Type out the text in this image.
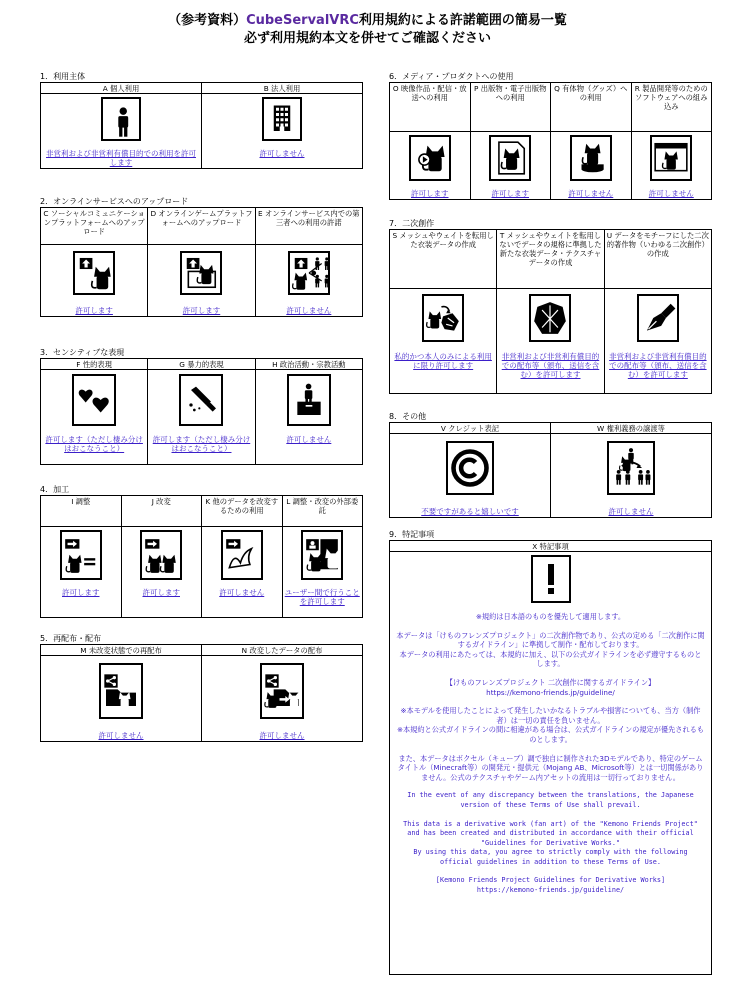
（参考資料）CubeServalVRC利用規約による許諾範囲の簡易一覧
必ず利用規約本文を併せてご確認ください
1．利用主体
A 個人利用	B 法人利用

非営利および非営利有償目的での利用を許可します	許可しません
2．オンラインサービスへのアップロード
C ソーシャルコミュニケーションプラットフォームへのアップロード	D オンラインゲームプラットフォームへのアップロード	E オンラインサービス内での第三者への利用の許諾

許可します	許可します	許可しません
3．センシティブな表現
F 性的表現	G 暴力的表現	H 政治活動・宗教活動

許可します（ただし棲み分けはおこなうこと）	許可します（ただし棲み分けはおこなうこと）	許可しません
4．加工
I 調整	J 改変	K 他のデータを改変するための利用	L 調整・改変の外部委託

許可します	許可します	許可しません	ユーザー間で行うことを許可します
5．再配布・配布
M 未改変状態での再配布	N 改変したデータの配布

許可しません	許可しません
6．メディア・プロダクトへの使用
O 映像作品・配信・放送への利用	P 出版物・電子出版物への利用	Q 有体物（グッズ）への利用	R 製品開発等のためのソフトウェアへの組み込み

許可します	許可します	許可しません	許可しません
7．二次創作
S メッシュやウェイトを転用した衣装データの作成	T メッシュやウェイトを転用しないでデータの規格に準拠した新たな衣装データ・テクスチャデータの作成	U データをモチーフにした二次的著作物（いわゆる二次創作）の作成

私的かつ本人のみによる利用に限り許可します	非営利および非営利有償目的での配布等（頒布、送信を含む）を許可します	非営利および非営利有償目的での配布等（頒布、送信を含む）を許可します
8．その他
V クレジット表記	W 権利義務の譲渡等

不要ですがあると嬉しいです	許可しません
9．特記事項
X 特記事項

※規約は日本語のものを優先して適用します。

本データは「けものフレンズプロジェクト」の二次創作物であり、公式の定める「二次創作に関するガイドライン」に準拠して制作・配布しております。
本データの利用にあたっては、本規約に加え、以下の公式ガイドラインを必ず遵守するものとします。

【けものフレンズプロジェクト 二次創作に関するガイドライン】
https://kemono-friends.jp/guideline/

※本モデルを使用したことによって発生したいかなるトラブルや損害についても、当方（制作者）は一切の責任を負いません。
※本規約と公式ガイドラインの間に相違がある場合は、公式ガイドラインの規定が優先されるものとします。

また、本データはボクセル（キューブ）調で独自に制作された3Dモデルであり、特定のゲームタイトル（Minecraft等）の開発元・提供元（Mojang AB、Microsoft等）とは一切関係がありません。公式のテクスチャやゲーム内アセットの流用は一切行っておりません。

In the event of any discrepancy between the translations, the Japanese version of these Terms of Use shall prevail.

This data is a derivative work (fan art) of the "Kemono Friends Project" and has been created and distributed in accordance with their official "Guidelines for Derivative Works."
By using this data, you agree to strictly comply with the following official guidelines in addition to these Terms of Use.

[Kemono Friends Project Guidelines for Derivative Works]
https://kemono-friends.jp/guideline/
